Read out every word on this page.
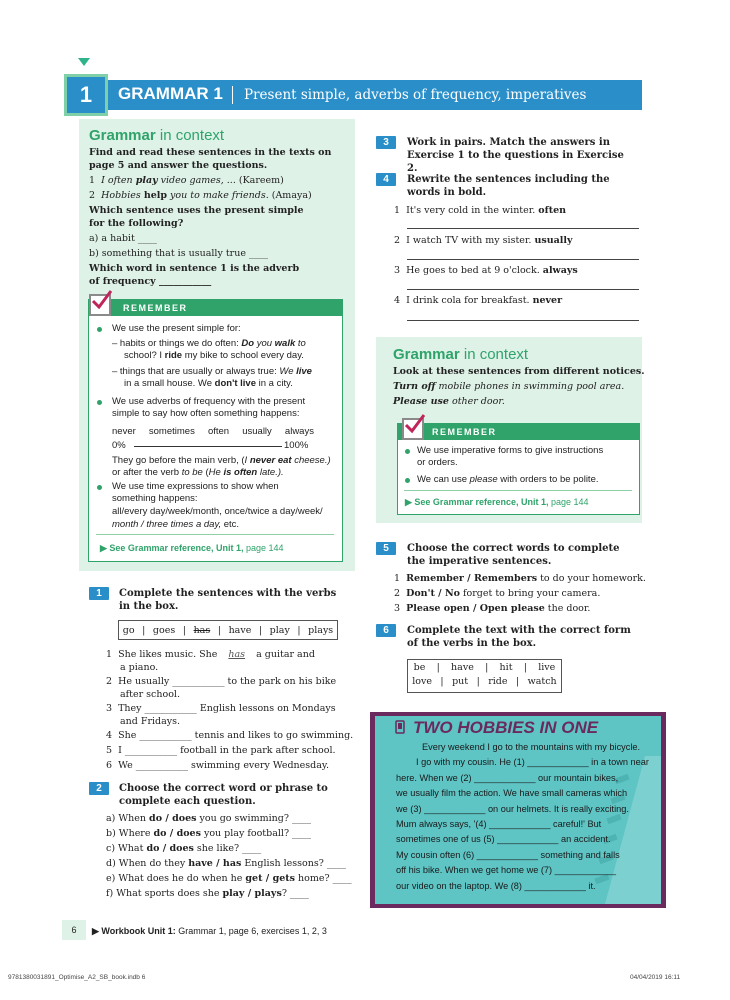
1 GRAMMAR 1 Present simple, adverbs of frequency, imperatives
Grammar in context
Find and read these sentences in the texts on page 5 and answer the questions.
1 I often play video games, ... (Kareem)
2 Hobbies help you to make friends. (Amaya)
Which sentence uses the present simple for the following?
a) a habit ____
b) something that is usually true ____
Which word in sentence 1 is the adverb of frequency ___________
REMEMBER
We use the present simple for:
– habits or things we do often: Do you walk to
school? I ride my bike to school every day.
– things that are usually or always true: We live
in a small house. We don't live in a city.
We use adverbs of frequency with the present
simple to say how often something happens:
never sometimes often usually always
0%	100%
They go before the main verb, (I never eat cheese.)
or after the verb to be (He is often late.).
We use time expressions to show when
something happens:
all/every day/week/month, once/twice a day/week/
month / three times a day, etc.
▶ See Grammar reference, Unit 1, page 144
1	Complete the sentences with the verbs in the box.
go | goes | has | have | play | plays
1 She likes music. She has a guitar and
a piano.
2 He usually ___________ to the park on his bike
after school.
3 They ___________ English lessons on Mondays
and Fridays.
4 She ___________ tennis and likes to go swimming.
5 I ___________ football in the park after school.
6 We ___________ swimming every Wednesday.
2	Choose the correct word or phrase to complete each question.
a) When do / does you go swimming? ____
b) Where do / does you play football? ____
c) What do / does she like? ____
d) When do they have / has English lessons? ____
e) What does he do when he get / gets home? ____
f) What sports does she play / plays? ____
3	Work in pairs. Match the answers in Exercise 1 to the questions in Exercise 2.
4	Rewrite the sentences including the words in bold.
1 It's very cold in the winter. often
2 I watch TV with my sister. usually
3 He goes to bed at 9 o'clock. always
4 I drink cola for breakfast. never
Grammar in context
Look at these sentences from different notices.
Turn off mobile phones in swimming pool area.
Please use other door.
REMEMBER
We use imperative forms to give instructions
or orders.
We can use please with orders to be polite.
▶ See Grammar reference, Unit 1, page 144
5	Choose the correct words to complete the imperative sentences.
1 Remember / Remembers to do your homework.
2 Don't / No forget to bring your camera.
3 Please open / Open please the door.
6	Complete the text with the correct form of the verbs in the box.
be | have | hit | live
love | put | ride | watch
TWO HOBBIES IN ONE
Every weekend I go to the mountains with my bicycle.
I go with my cousin. He (1) ____________ in a town near
here. When we (2) ____________ our mountain bikes,
we usually film the action. We have small cameras which
we (3) ____________ on our helmets. It is really exciting.
Mum always says, '(4) ____________ careful!' But
sometimes one of us (5) ____________ an accident.
My cousin often (6) ____________ something and falls
off his bike. When we get home we (7) ____________
our video on the laptop. We (8) ____________ it.
6 ▶ Workbook Unit 1: Grammar 1, page 6, exercises 1, 2, 3
9781380031891_Optimise_A2_SB_book.indb 6	04/04/2019 16:11
